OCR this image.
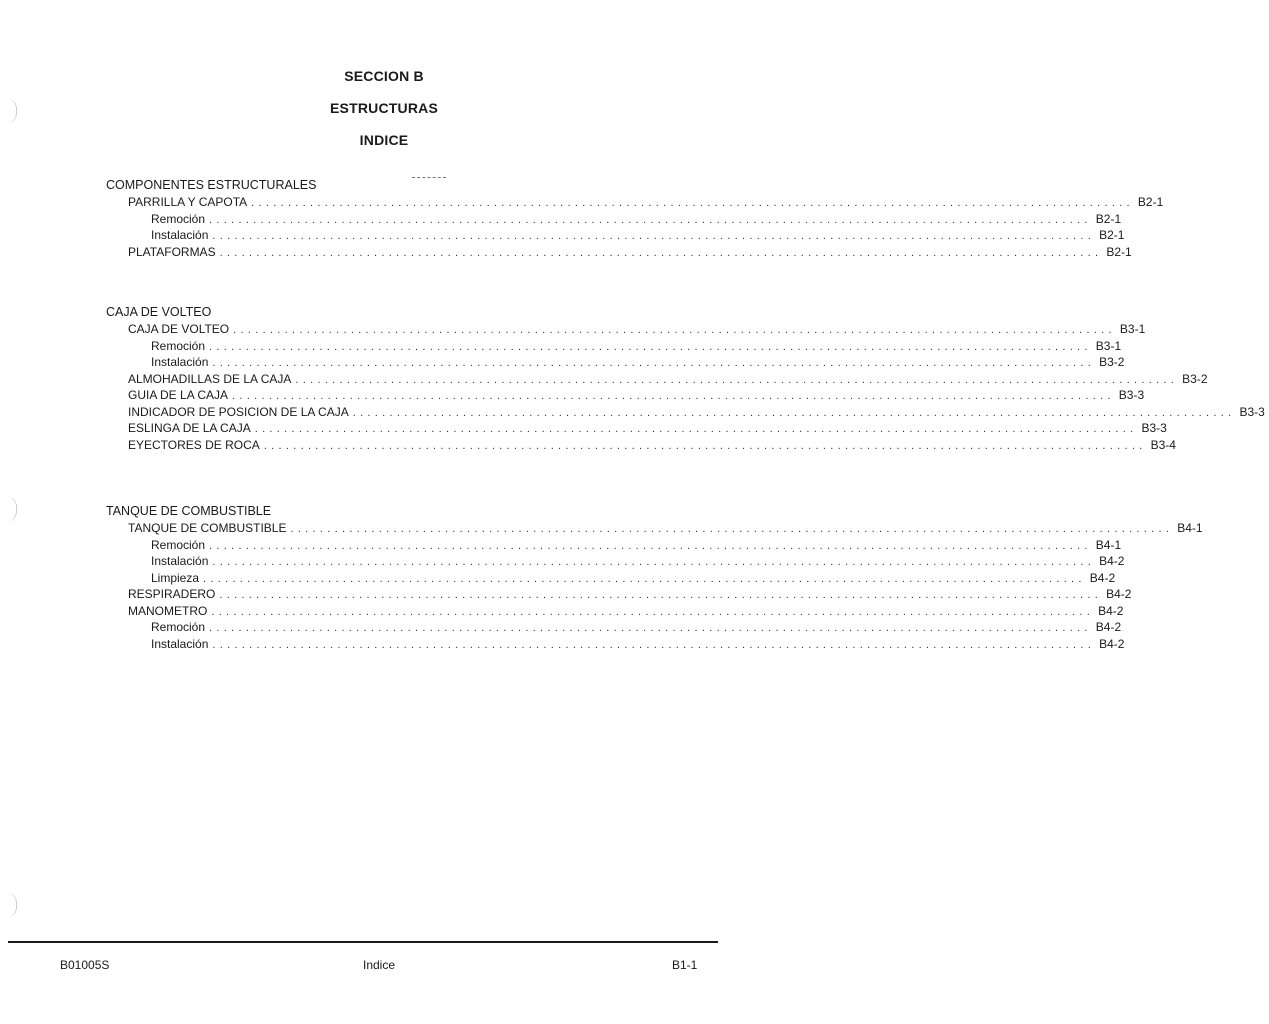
SECCION B
ESTRUCTURAS
INDICE
COMPONENTES ESTRUCTURALES
PARRILLA Y CAPOTA ........................................................................................................................ B2-1
Remoción ........................................................................................................................ B2-1
Instalación ........................................................................................................................ B2-1
PLATAFORMAS ........................................................................................................................ B2-1
CAJA DE VOLTEO
CAJA DE VOLTEO ........................................................................................................................ B3-1
Remoción ........................................................................................................................ B3-1
Instalación ........................................................................................................................ B3-2
ALMOHADILLAS DE LA CAJA ........................................................................................................................ B3-2
GUIA DE LA CAJA ........................................................................................................................ B3-3
INDICADOR DE POSICION DE LA CAJA ........................................................................................................................ B3-3
ESLINGA DE LA CAJA ........................................................................................................................ B3-3
EYECTORES DE ROCA ........................................................................................................................ B3-4
TANQUE DE COMBUSTIBLE
TANQUE DE COMBUSTIBLE ........................................................................................................................ B4-1
Remoción ........................................................................................................................ B4-1
Instalación ........................................................................................................................ B4-2
Limpieza ........................................................................................................................ B4-2
RESPIRADERO ........................................................................................................................ B4-2
MANOMETRO ........................................................................................................................ B4-2
Remoción ........................................................................................................................ B4-2
Instalación ........................................................................................................................ B4-2
B01005S	Indice	B1-1
